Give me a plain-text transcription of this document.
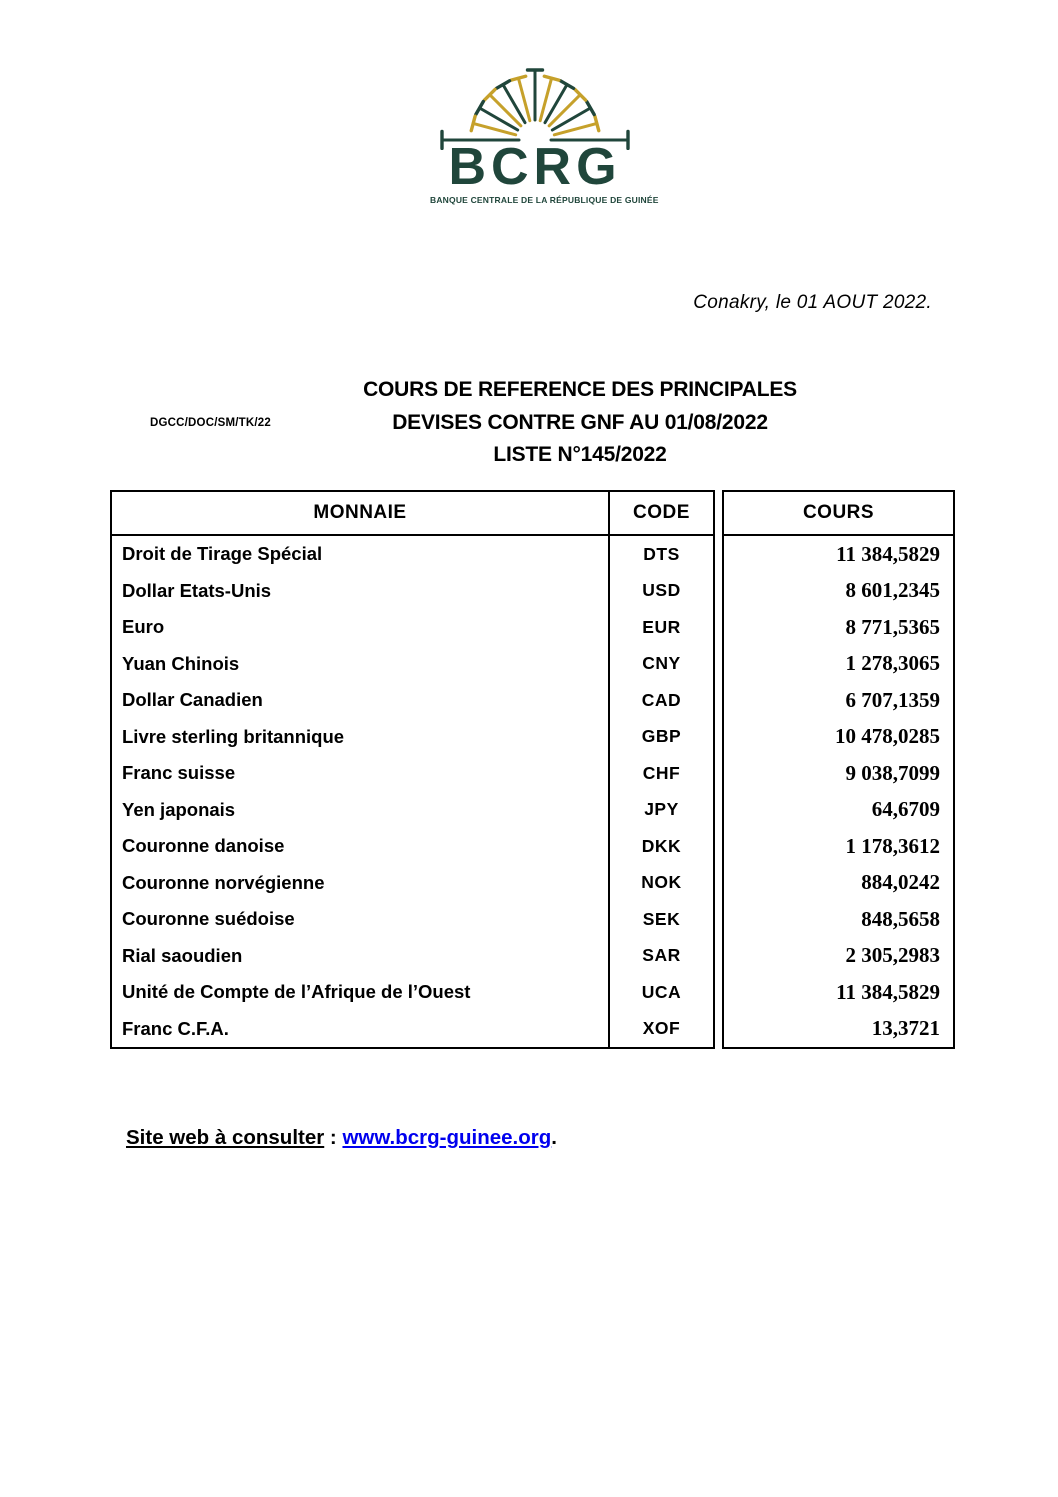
BCRG
BANQUE CENTRALE DE LA RÉPUBLIQUE DE GUINÉE
Conakry, le 01 AOUT 2022.
DGCC/DOC/SM/TK/22
COURS DE REFERENCE DES PRINCIPALES
DEVISES CONTRE GNF AU 01/08/2022
LISTE N°145/2022
MONNAIE
Droit de Tirage Spécial
Dollar Etats-Unis
Euro
Yuan Chinois
Dollar Canadien
Livre sterling britannique
Franc suisse
Yen japonais
Couronne danoise
Couronne norvégienne
Couronne suédoise
Rial saoudien
Unité de Compte de l’Afrique de l’Ouest
Franc C.F.A.
CODE
DTS
USD
EUR
CNY
CAD
GBP
CHF
JPY
DKK
NOK
SEK
SAR
UCA
XOF
COURS
11 384,5829
8 601,2345
8 771,5365
1 278,3065
6 707,1359
10 478,0285
9 038,7099
64,6709
1 178,3612
884,0242
848,5658
2 305,2983
11 384,5829
13,3721
Site web à consulter : www.bcrg-guinee.org.
